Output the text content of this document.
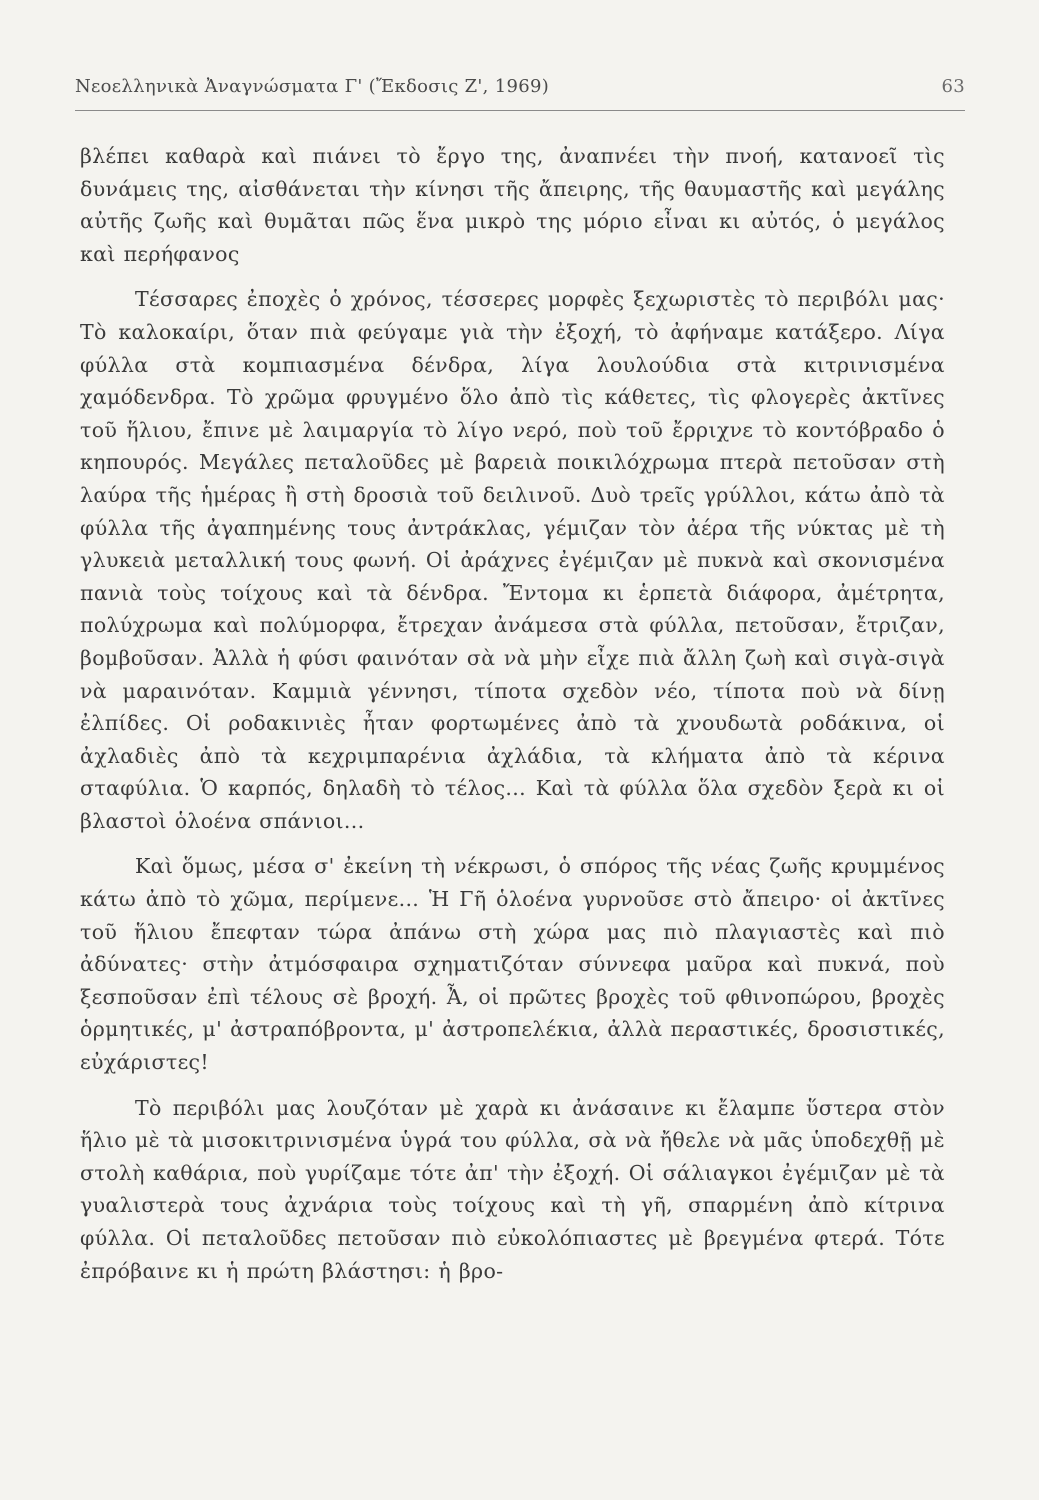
Νεοελληνικὰ Ἀναγνώσματα Γ' (Ἔκδοσις Ζ', 1969)	63

βλέπει καθαρὰ καὶ πιάνει τὸ ἔργο της, ἀναπνέει τὴν πνοή, κατανοεῖ τὶς δυνάμεις της, αἰσθάνεται τὴν κίνησι τῆς ἄπειρης, τῆς θαυμαστῆς καὶ μεγάλης αὐτῆς ζωῆς καὶ θυμᾶται πῶς ἕνα μικρὸ της μόριο εἶναι κι αὐτός, ὁ μεγάλος καὶ περήφανος

Τέσσαρες ἐποχὲς ὁ χρόνος, τέσσερες μορφὲς ξεχωριστὲς τὸ περιβόλι μας· Τὸ καλοκαίρι, ὅταν πιὰ φεύγαμε γιὰ τὴν ἐξοχή, τὸ ἀφήναμε κατάξερο. Λίγα φύλλα στὰ κομπιασμένα δένδρα, λίγα λουλούδια στὰ κιτρινισμένα χαμόδενδρα. Τὸ χρῶμα φρυγμένο ὅλο ἀπὸ τὶς κάθετες, τὶς φλογερὲς ἀκτῖνες τοῦ ἥλιου, ἔπινε μὲ λαιμαργία τὸ λίγο νερό, ποὺ τοῦ ἔρριχνε τὸ κοντόβραδο ὁ κηπουρός. Μεγάλες πεταλοῦδες μὲ βαρειὰ ποικιλόχρωμα πτερὰ πετοῦσαν στὴ λαύρα τῆς ἡμέρας ἢ στὴ δροσιὰ τοῦ δειλινοῦ. Δυὸ τρεῖς γρύλλοι, κάτω ἀπὸ τὰ φύλλα τῆς ἀγαπημένης τους ἀντράκλας, γέμιζαν τὸν ἀέρα τῆς νύκτας μὲ τὴ γλυκειὰ μεταλλική τους φωνή. Οἱ ἀράχνες ἐγέμιζαν μὲ πυκνὰ καὶ σκονισμένα πανιὰ τοὺς τοίχους καὶ τὰ δένδρα. Ἔντομα κι ἑρπετὰ διάφορα, ἀμέτρητα, πολύχρωμα καὶ πολύμορφα, ἔτρεχαν ἀνάμεσα στὰ φύλλα, πετοῦσαν, ἔτριζαν, βομβοῦσαν. Ἀλλὰ ἡ φύσι φαινόταν σὰ νὰ μὴν εἶχε πιὰ ἄλλη ζωὴ καὶ σιγὰ-σιγὰ νὰ μαραινόταν. Καμμιὰ γέννησι, τίποτα σχεδὸν νέο, τίποτα ποὺ νὰ δίνῃ ἐλπίδες. Οἱ ροδακινιὲς ἦταν φορτωμένες ἀπὸ τὰ χνουδωτὰ ροδάκινα, οἱ ἀχλαδιὲς ἀπὸ τὰ κεχριμπαρένια ἀχλάδια, τὰ κλήματα ἀπὸ τὰ κέρινα σταφύλια. Ὁ καρπός, δηλαδὴ τὸ τέλος... Καὶ τὰ φύλλα ὅλα σχεδὸν ξερὰ κι οἱ βλαστοὶ ὁλοένα σπάνιοι...

Καὶ ὅμως, μέσα σ' ἐκείνη τὴ νέκρωσι, ὁ σπόρος τῆς νέας ζωῆς κρυμμένος κάτω ἀπὸ τὸ χῶμα, περίμενε... Ἡ Γῆ ὁλοένα γυρνοῦσε στὸ ἄπειρο· οἱ ἀκτῖνες τοῦ ἥλιου ἔπεφταν τώρα ἀπάνω στὴ χώρα μας πιὸ πλαγιαστὲς καὶ πιὸ ἀδύνατες· στὴν ἀτμόσφαιρα σχηματιζόταν σύννεφα μαῦρα καὶ πυκνά, ποὺ ξεσποῦσαν ἐπὶ τέλους σὲ βροχή. Ἆ, οἱ πρῶτες βροχὲς τοῦ φθινοπώρου, βροχὲς ὁρμητικές, μ' ἀστραπόβροντα, μ' ἀστροπελέκια, ἀλλὰ περαστικές, δροσιστικές, εὐχάριστες!

Τὸ περιβόλι μας λουζόταν μὲ χαρὰ κι ἀνάσαινε κι ἔλαμπε ὕστερα στὸν ἥλιο μὲ τὰ μισοκιτρινισμένα ὑγρά του φύλλα, σὰ νὰ ἤθελε νὰ μᾶς ὑποδεχθῇ μὲ στολὴ καθάρια, ποὺ γυρίζαμε τότε ἀπ' τὴν ἐξοχή. Οἱ σάλιαγκοι ἐγέμιζαν μὲ τὰ γυαλιστερὰ τους ἀχνάρια τοὺς τοίχους καὶ τὴ γῆ, σπαρμένη ἀπὸ κίτρινα φύλλα. Οἱ πεταλοῦδες πετοῦσαν πιὸ εὐκολόπιαστες μὲ βρεγμένα φτερά. Τότε ἐπρόβαινε κι ἡ πρώτη βλάστησι: ἡ βρο-
